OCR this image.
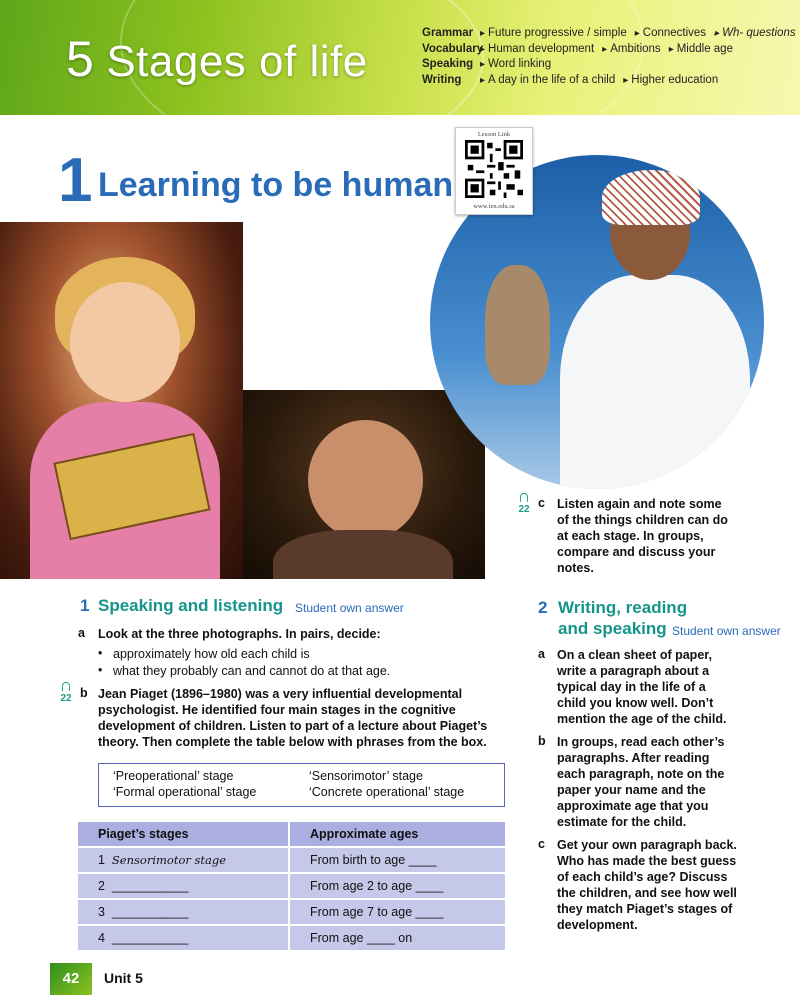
5 Stages of life
Grammar	▸ Future progressive / simple	▸ Connectives	▸ Wh- questions
Vocabulary ▸ Human development	▸ Ambitions	▸ Middle age
Speaking	▸ Word linking
Writing	▸ A day in the life of a child	▸ Higher education
1 Learning to be human
Lesson Link
www.ien.edu.sa
1 Speaking and listening Student own answer
a Look at the three photographs. In pairs, decide:
• approximately how old each child is
• what they probably can and cannot do at that age.
∩
22 b Jean Piaget (1896–1980) was a very influential developmental psychologist. He identified four main stages in the cognitive development of children. Listen to part of a lecture about Piaget’s theory. Then complete the table below with phrases from the box.
‘Preoperational’ stage	‘Sensorimotor’ stage
‘Formal operational’ stage	‘Concrete operational’ stage
Piaget’s stages	Approximate ages
1 Sensorimotor stage	From birth to age ____
2 ___________	From age 2 to age ____
3 ___________	From age 7 to age ____
4 ___________	From age ____ on
∩
22 c Listen again and note some of the things children can do at each stage. In groups, compare and discuss your notes.
2 Writing, reading
and speaking Student own answer
a On a clean sheet of paper, write a paragraph about a typical day in the life of a child you know well. Don’t mention the age of the child.
b In groups, read each other’s paragraphs. After reading each paragraph, note on the paper your name and the approximate age that you estimate for the child.
c Get your own paragraph back. Who has made the best guess of each child’s age? Discuss the children, and see how well they match Piaget’s stages of development.
42	Unit 5
